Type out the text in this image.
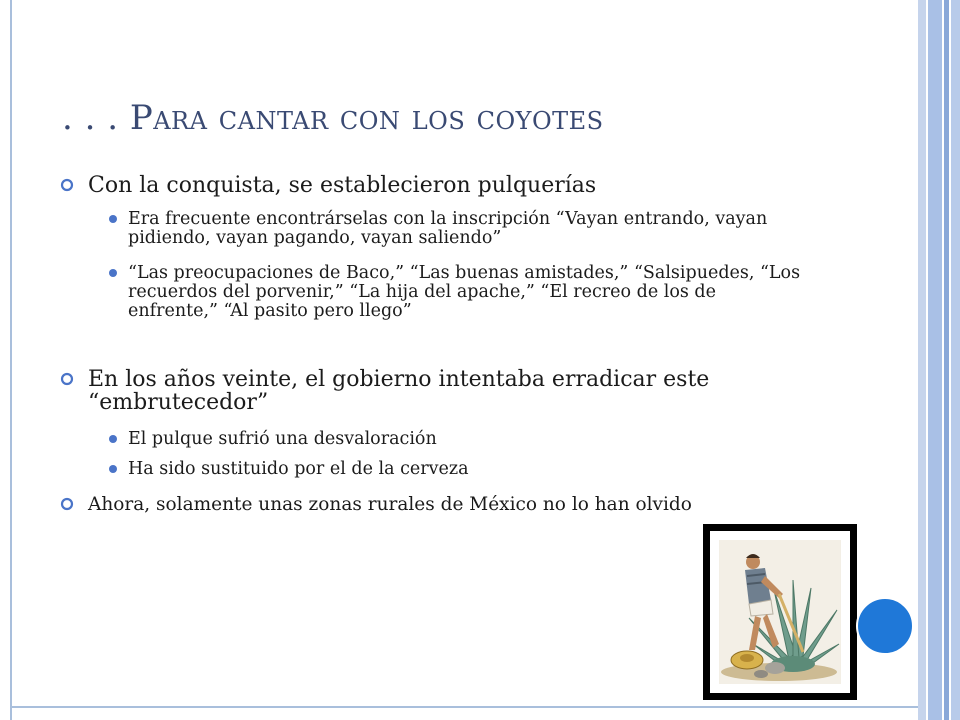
. . . Para cantar con los coyotes
Con la conquista, se establecieron pulquerías
Era frecuente encontrárselas con la inscripción “Vayan entrando, vayan pidiendo, vayan pagando, vayan saliendo”
“Las preocupaciones de Baco,” “Las buenas amistades,” “Salsipuedes, “Los recuerdos del porvenir,” “La hija del apache,” “El recreo de los de enfrente,” “Al pasito pero llego”
En los años veinte, el gobierno intentaba erradicar este “embrutecedor”
El pulque sufrió una desvaloración
Ha sido sustituido por el de la cerveza
Ahora, solamente unas zonas rurales de México no lo han olvido
